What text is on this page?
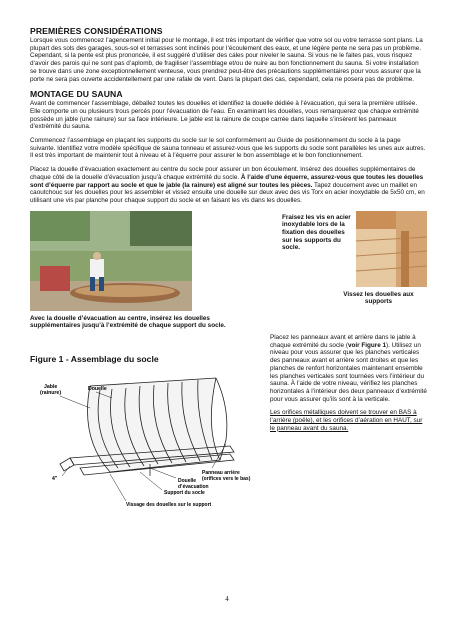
PREMIÈRES CONSIDÉRATIONS

Lorsque vous commencez l’agencement initial pour le montage, il est très important de vérifier que votre sol ou votre terrasse sont plans. La plupart des sols des garages, sous-sol et terrasses sont inclinés pour l’écoulement des eaux, et une légère pente ne sera pas un problème. Cependant, si la pente est plus prononcée, il est suggéré d’utiliser des cales pour niveler le sauna. Si vous ne le faites pas, vous risquez d’avoir des parois qui ne sont pas d’aplomb, de fragiliser l’assemblage et/ou de nuire au bon fonctionnement du sauna. Si votre installation se trouve dans une zone exceptionnellement venteuse, vous prendrez peut-être des précautions supplémentaires pour vous assurer que la porte ne sera pas ouverte accidentellement par une rafale de vent. Dans la plupart des cas, cependant, cela ne posera pas de problème.

MONTAGE DU SAUNA

Avant de commencer l’assemblage, déballez toutes les douelles et identifiez la douelle dédiée à l’évacuation, qui sera la première utilisée. Elle comporte un ou plusieurs trous percés pour l’évacuation de l’eau. En examinant les douelles, vous remarquerez que chaque extrémité possède un jable (une rainure) sur sa face intérieure. Le jable est la rainure de coupe carrée dans laquelle s’insèrent les panneaux d’extrémité du sauna.

Commencez l’assemblage en plaçant les supports du socle sur le sol conformément au Guide de positionnement du socle à la page suivante. Identifiez votre modèle spécifique de sauna tonneau et assurez-vous que les supports du socle sont parallèles les unes aux autres. Il est très important de maintenir tout à niveau et à l’équerre pour assurer le bon assemblage et le bon fonctionnement.

Placez la douelle d’évacuation exactement au centre du socle pour assurer un bon écoulement. Insérez des douelles supplémentaires de chaque côté de la douelle d’évacuation jusqu’à chaque extrémité du socle. À l’aide d’une équerre, assurez-vous que toutes les douelles sont d’équerre par rapport au socle et que le jable (la rainure) est aligné sur toutes les pièces. Tapez doucement avec un maillet en caoutchouc sur les douelles pour les assembler et vissez ensuite une douelle sur deux avec des vis Torx en acier inoxydable de 5x50 cm, en utilisant une vis par planche pour chaque support du socle et en faisant les vis dans les douelles.

Fraisez les vis en acier inoxydable lors de la fixation des douelles sur les supports du socle.
Vissez les douelles aux supports
Avec la douelle d’évacuation au centre, insérez les douelles supplémentaires jusqu’à l’extrémité de chaque support du socle.
Figure 1 - Assemblage du socle
Jable
(rainure)
Douelle
Panneau arrière
(orifices vers le bas)
Douelle
d’évacuation
Support du socle
4"
Vissage des douelles sur le support

Placez les panneaux avant et arrière dans le jable à chaque extrémité du socle (voir Figure 1). Utilisez un niveau pour vous assurer que les planches verticales des panneaux avant et arrière sont droites et que les planches de renfort horizontales maintenant ensemble les planches verticales sont tournées vers l’intérieur du sauna. À l’aide de votre niveau, vérifiez les planches horizontales à l’intérieur des deux panneaux d’extrémité pour vous assurer qu’ils sont à la verticale.

Les orifices métalliques doivent se trouver en BAS à l’arrière (poêle), et les orifices d’aération en HAUT, sur le panneau avant du sauna.

4
